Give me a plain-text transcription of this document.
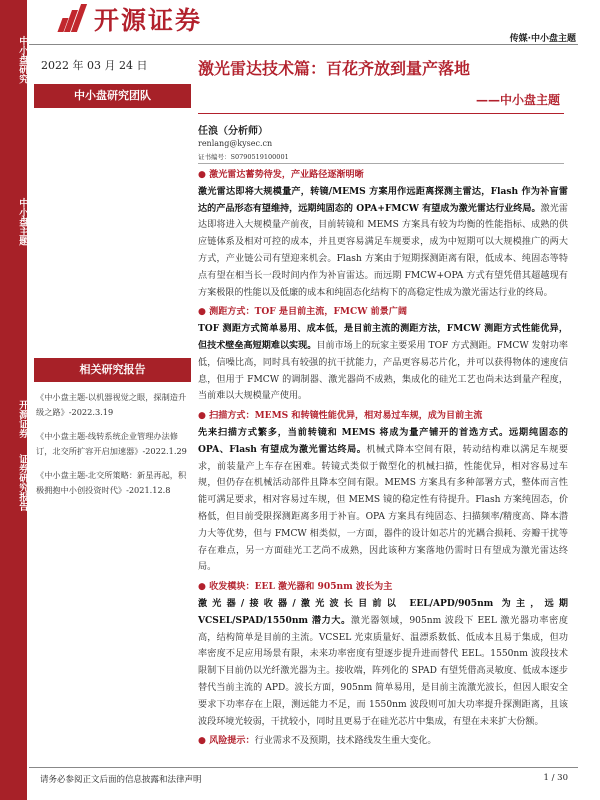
中小盘研究
中小盘主题
开源证券
证券研究报告
开源证券
传媒·中小盘主题
2022 年 03 月 24 日
中小盘研究团队
相关研究报告
《中小盘主题-以机器视觉之眼，探制造升级之路》-2022.3.19
《中小盘主题-线转系统企业管理办法修订，北交所扩容开启加速器》-2022.1.29
《中小盘主题-北交所策略：新星再起，积极拥抱中小创投资时代》-2021.12.8
激光雷达技术篇：百花齐放到量产落地
——中小盘主题
任浪（分析师）
renlang@kysec.cn
证书编号：S0790519100001
● 激光雷达蓄势待发，产业路径逐渐明晰
激光雷达即将大规模量产，转镜/MEMS 方案用作远距离探测主雷达，Flash 作为补盲雷达的产品形态有望维持，远期纯固态的 OPA+FMCW 有望成为激光雷达行业终局。激光雷达即将进入大规模量产前夜，目前转镜和 MEMS 方案具有较为均衡的性能指标、成熟的供应链体系及相对可控的成本，并且更容易满足车规要求，成为中短期可以大规模推广的两大方式，产业链公司有望迎来机会。Flash 方案由于短期探测距离有限，低成本、纯固态等特点有望在相当长一段时间内作为补盲雷达。而远期 FMCW+OPA 方式有望凭借其超越现有方案极限的性能以及低廉的成本和纯固态化结构下的高稳定性成为激光雷达行业的终局。
● 测距方式：TOF 是目前主流，FMCW 前景广阔
TOF 测距方式简单易用、成本低，是目前主流的测距方法，FMCW 测距方式性能优异，但技术壁垒高短期难以实现。目前市场上的玩家主要采用 TOF 方式测距。FMCW 发射功率低，信噪比高，同时具有较强的抗干扰能力，产品更容易芯片化，并可以获得物体的速度信息，但用于 FMCW 的调制器、激光器尚不成熟，集成化的硅光工艺也尚未达到量产程度，当前难以大规模量产使用。
● 扫描方式：MEMS 和转镜性能优异，相对易过车规，成为目前主流
先来扫描方式繁多，当前转镜和 MEMS 将成为量产铺开的首选方式。远期纯固态的 OPA、Flash 有望成为激光雷达终局。机械式降本空间有限，转动结构难以满足车规要求，前装量产上车存在困难。转镜式类似于微型化的机械扫描，性能优异，相对容易过车规，但仍存在机械活动部件且降本空间有限。MEMS 方案具有多种部署方式，整体而言性能可满足要求，相对容易过车规，但 MEMS 镜的稳定性有待提升。Flash 方案纯固态，价格低，但目前受限探测距离多用于补盲。OPA 方案具有纯固态、扫描频率/精度高、降本潜力大等优势，但与 FMCW 相类似，一方面，器件的设计如芯片的光耦合损耗、旁瓣干扰等存在难点，另一方面硅光工艺尚不成熟，因此该种方案落地仍需时日有望成为激光雷达终局。
● 收发模块：EEL 激光器和 905nm 波长为主
激光器/接收器/激光波长目前以 EEL/APD/905nm 为主，远期 VCSEL/SPAD/1550nm 潜力大。激光器领域，905nm 波段下 EEL 激光器功率密度高，结构简单是目前的主流。VCSEL 光束质量好、温漂系数低、低成本且易于集成，但功率密度不足应用场景有限，未来功率密度有望逐步提升进而替代 EEL。1550nm 波段技术限制下目前仍以光纤激光器为主。接收端，阵列化的 SPAD 有望凭借高灵敏度、低成本逐步替代当前主流的 APD。波长方面，905nm 简单易用，是目前主流激光波长，但因人眼安全要求下功率存在上限，测远能力不足，而 1550nm 波段则可加大功率提升探测距离，且该波段环境光较弱，干扰较小，同时且更易于在硅光芯片中集成，有望在未来扩大份额。
● 风险提示：行业需求不及预期，技术路线发生重大变化。
请务必参阅正文后面的信息披露和法律声明	1 / 30
